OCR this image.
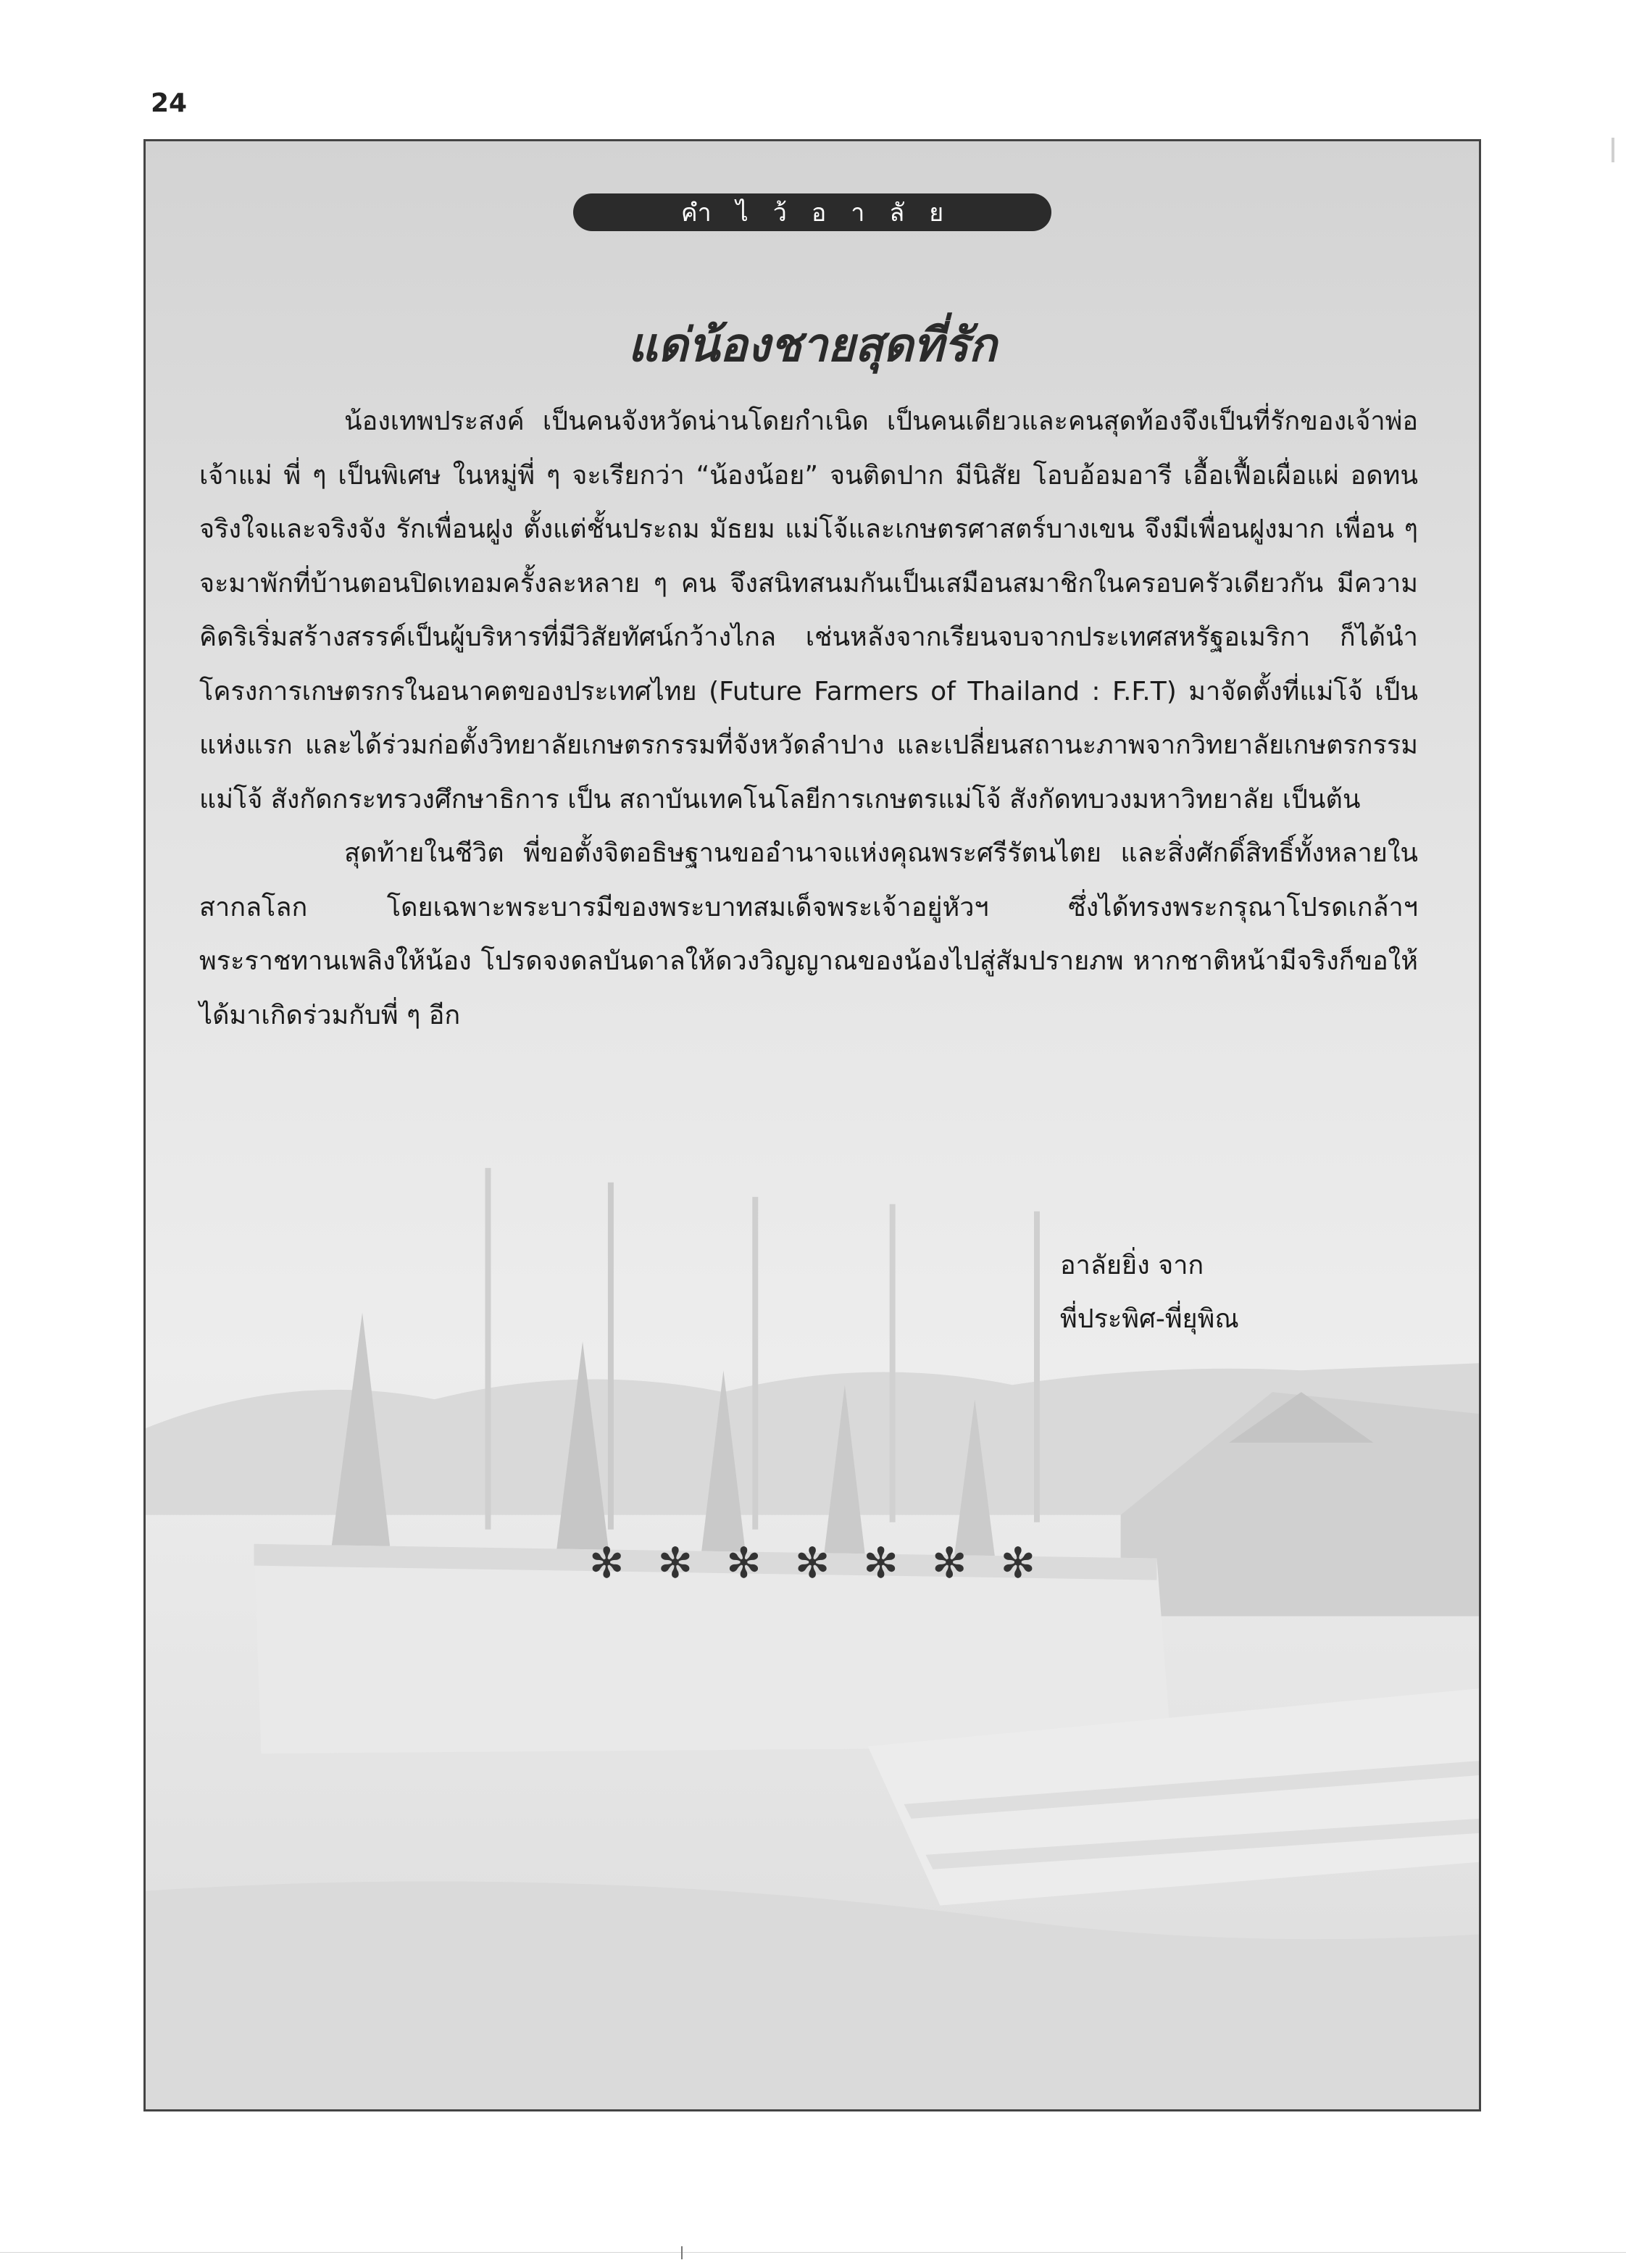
24
คำไว้อาลัย
แด่น้องชายสุดที่รัก

น้องเทพประสงค์ เป็นคนจังหวัดน่านโดยกำเนิด เป็นคนเดียวและคนสุดท้องจึงเป็นที่รักของเจ้าพ่อ เจ้าแม่ พี่ ๆ เป็นพิเศษ ในหมู่พี่ ๆ จะเรียกว่า “น้องน้อย” จนติดปาก มีนิสัย โอบอ้อมอารี เอื้อเฟื้อเผื่อแผ่ อดทน จริงใจและจริงจัง รักเพื่อนฝูง ตั้งแต่ชั้นประถม มัธยม แม่โจ้และเกษตรศาสตร์บางเขน จึงมีเพื่อนฝูงมาก เพื่อน ๆ จะมาพักที่บ้านตอนปิดเทอมครั้งละหลาย ๆ คน จึงสนิทสนมกันเป็นเสมือนสมาชิกในครอบครัวเดียวกัน มีความคิดริเริ่มสร้างสรรค์เป็นผู้บริหารที่มีวิสัยทัศน์กว้างไกล เช่นหลังจากเรียนจบจากประเทศสหรัฐอเมริกา ก็ได้นำโครงการเกษตรกรในอนาคตของประเทศไทย (Future Farmers of Thailand : F.F.T) มาจัดตั้งที่แม่โจ้ เป็นแห่งแรก และได้ร่วมก่อตั้งวิทยาลัยเกษตรกรรมที่จังหวัดลำปาง และเปลี่ยนสถานะภาพจากวิทยาลัยเกษตรกรรมแม่โจ้ สังกัดกระทรวงศึกษาธิการ เป็น สถาบันเทคโนโลยีการเกษตรแม่โจ้ สังกัดทบวงมหาวิทยาลัย เป็นต้น

สุดท้ายในชีวิต พี่ขอตั้งจิตอธิษฐานขออำนาจแห่งคุณพระศรีรัตนไตย และสิ่งศักดิ์สิทธิ์ทั้งหลายในสากลโลก โดยเฉพาะพระบารมีของพระบาทสมเด็จพระเจ้าอยู่หัวฯ ซึ่งได้ทรงพระกรุณาโปรดเกล้าฯ พระราชทานเพลิงให้น้อง โปรดจงดลบันดาลให้ดวงวิญญาณของน้องไปสู่สัมปรายภพ หากชาติหน้ามีจริงก็ขอให้ได้มาเกิดร่วมกับพี่ ๆ อีก

อาลัยยิ่ง จาก
พี่ประพิศ-พี่ยุพิณ
✻✻✻✻✻✻✻
